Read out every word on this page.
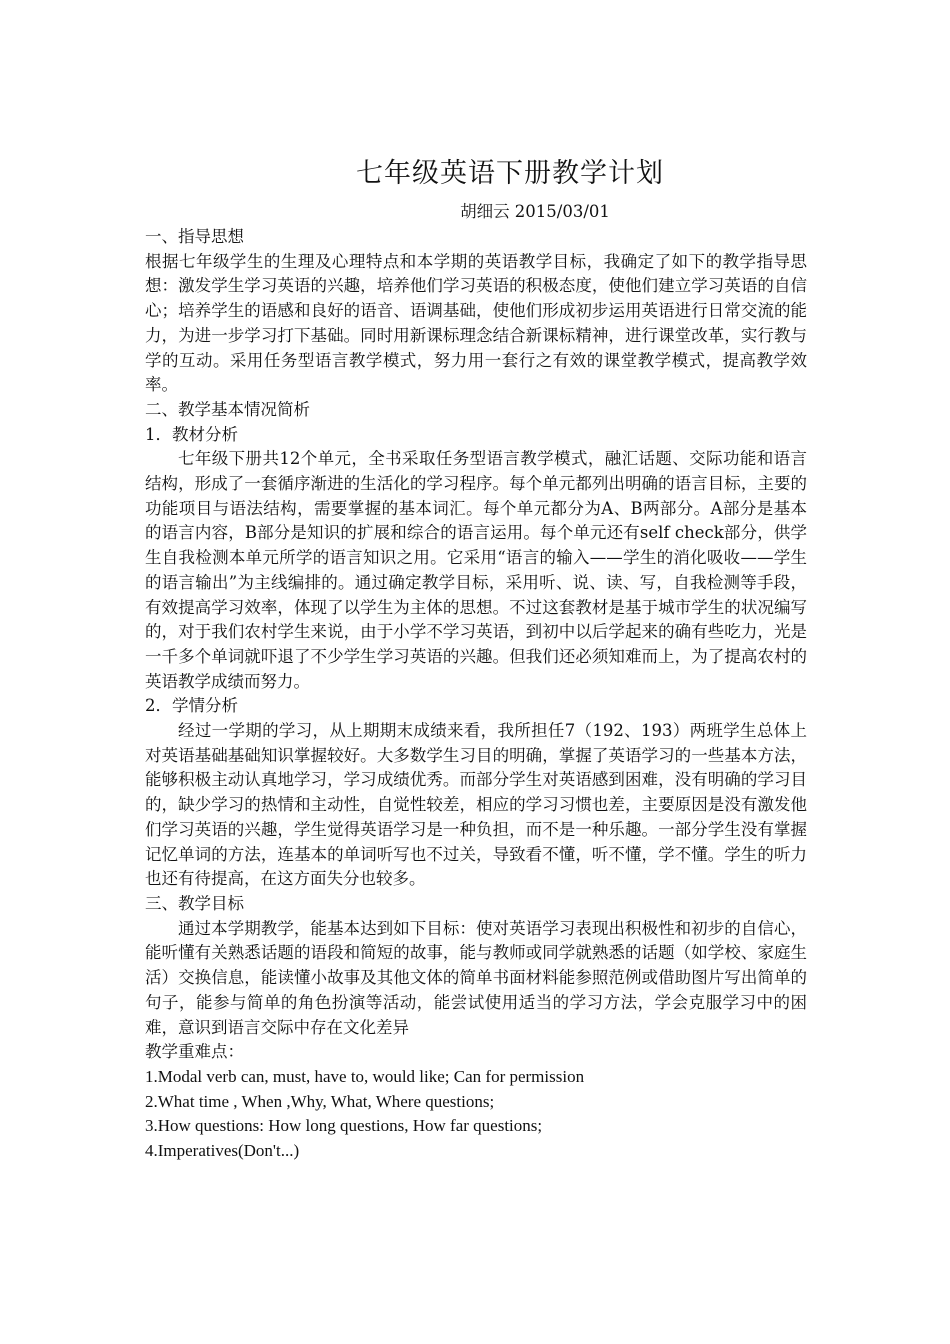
七年级英语下册教学计划
胡细云 2015/03/01

一、指导思想

根据七年级学生的生理及心理特点和本学期的英语教学目标，我确定了如下的教学指导思想：激发学生学习英语的兴趣，培养他们学习英语的积极态度，使他们建立学习英语的自信心；培养学生的语感和良好的语音、语调基础，使他们形成初步运用英语进行日常交流的能力，为进一步学习打下基础。同时用新课标理念结合新课标精神，进行课堂改革，实行教与学的互动。采用任务型语言教学模式，努力用一套行之有效的课堂教学模式，提高教学效率。

二、教学基本情况简析

1．教材分析

七年级下册共12个单元，全书采取任务型语言教学模式，融汇话题、交际功能和语言结构，形成了一套循序渐进的生活化的学习程序。每个单元都列出明确的语言目标，主要的功能项目与语法结构，需要掌握的基本词汇。每个单元都分为A、B两部分。A部分是基本的语言内容，B部分是知识的扩展和综合的语言运用。每个单元还有self check部分，供学生自我检测本单元所学的语言知识之用。它采用“语言的输入——学生的消化吸收——学生的语言输出”为主线编排的。通过确定教学目标，采用听、说、读、写，自我检测等手段，有效提高学习效率，体现了以学生为主体的思想。不过这套教材是基于城市学生的状况编写的，对于我们农村学生来说，由于小学不学习英语，到初中以后学起来的确有些吃力，光是一千多个单词就吓退了不少学生学习英语的兴趣。但我们还必须知难而上，为了提高农村的英语教学成绩而努力。

2．学情分析

经过一学期的学习，从上期期末成绩来看，我所担任7（192、193）两班学生总体上对英语基础基础知识掌握较好。大多数学生习目的明确，掌握了英语学习的一些基本方法，能够积极主动认真地学习，学习成绩优秀。而部分学生对英语感到困难，没有明确的学习目的，缺少学习的热情和主动性，自觉性较差，相应的学习习惯也差，主要原因是没有激发他们学习英语的兴趣，学生觉得英语学习是一种负担，而不是一种乐趣。一部分学生没有掌握记忆单词的方法，连基本的单词听写也不过关，导致看不懂，听不懂，学不懂。学生的听力也还有待提高，在这方面失分也较多。

三、教学目标

通过本学期教学，能基本达到如下目标：使对英语学习表现出积极性和初步的自信心，能听懂有关熟悉话题的语段和简短的故事，能与教师或同学就熟悉的话题（如学校、家庭生活）交换信息，能读懂小故事及其他文体的简单书面材料能参照范例或借助图片写出简单的句子，能参与简单的角色扮演等活动，能尝试使用适当的学习方法，学会克服学习中的困难，意识到语言交际中存在文化差异

教学重难点：

1.Modal verb can, must, have to, would like; Can for permission

2.What time , When ,Why, What, Where questions;

3.How questions: How long questions, How far questions;

4.Imperatives(Don't...)
